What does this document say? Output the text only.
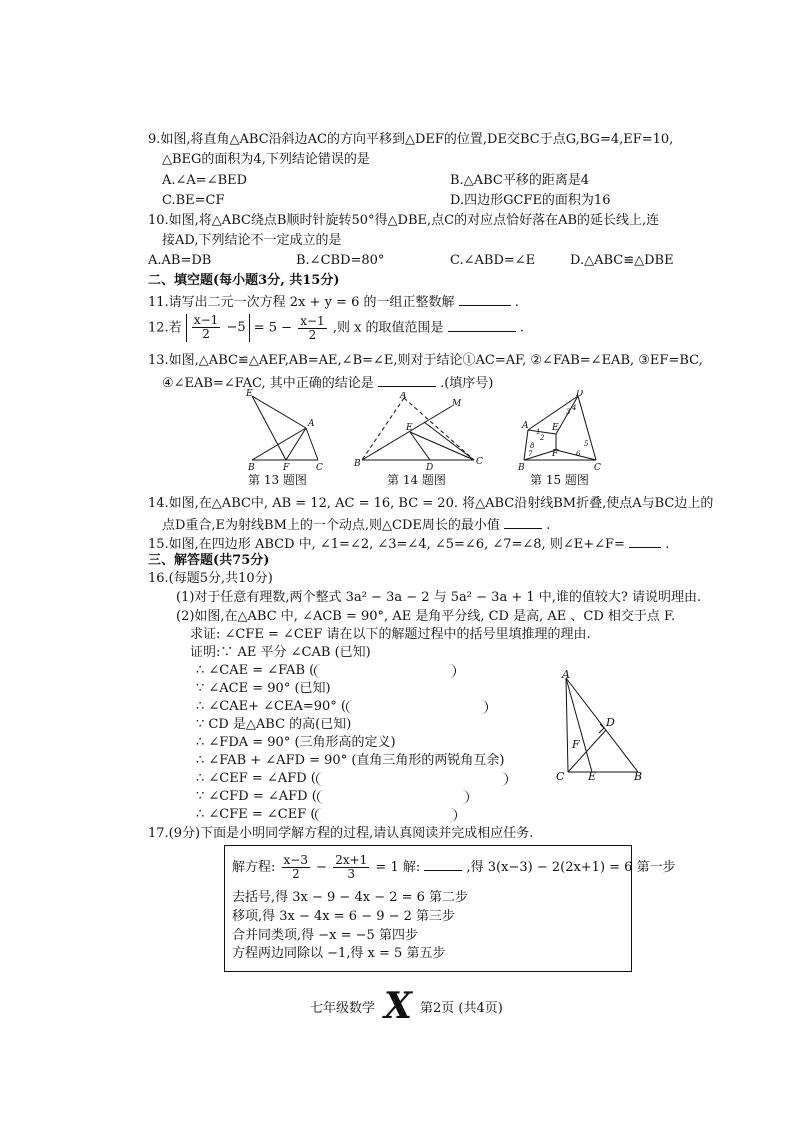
9.如图,将直角△ABC沿斜边AC的方向平移到△DEF的位置,DE交BC于点G,BG=4,EF=10,
△BEG的面积为4,下列结论错误的是
A.∠A=∠BED	B.△ABC平移的距离是4
C.BE=CF	D.四边形GCFE的面积为16
10.如图,将△ABC绕点B顺时针旋转50°得△DBE,点C的对应点恰好落在AB的延长线上,连
接AD,下列结论不一定成立的是
A.AB=DB	B.∠CBD=80°	C.∠ABD=∠E	D.△ABC≌△DBE
二、填空题(每小题3分, 共15分)
11.请写出二元一次方程 2x + y = 6 的一组正整数解	.
12.若 $\frac{x-1}{2} -5 = 5 - \frac{x-1}{2}$ ,则 x 的取值范围是	.
13.如图,△ABC≌△AEF,AB=AE,∠B=∠E,则对于结论①AC=AF, ②∠FAB=∠EAB, ③EF=BC,
④∠EAB=∠FAC, 其中正确的结论是	.(填序号)
E
A
B	F	C
第 13 题图
A
M
E
B	D
C
第 14 题图
D
A	E
F
B	C
1
2
3 4
5
6
7
8
第 15 题图
14.如图,在△ABC中, AB = 12, AC = 16, BC = 20. 将△ABC沿射线BM折叠,使点A与BC边上的
点D重合,E为射线BM上的一个动点,则△CDE周长的最小值	.
15.如图,在四边形 ABCD 中, ∠1=∠2, ∠3=∠4, ∠5=∠6, ∠7=∠8, 则∠E+∠F=	.
三、解答题(共75分)
16.(每题5分,共10分)
(1)对于任意有理数,两个整式 3a² − 3a − 2 与 5a² − 3a + 1 中,谁的值较大? 请说明理由.
(2)如图,在△ABC 中, ∠ACB = 90°, AE 是角平分线, CD 是高, AE 、CD 相交于点 F.
求证: ∠CFE = ∠CEF 请在以下的解题过程中的括号里填推理的理由.
证明:∵ AE 平分 ∠CAB (已知)
∴ ∠CAE = ∠FAB (
∵ ∠ACE = 90° (已知)
∴ ∠CAE+ ∠CEA=90° (
∵ CD 是△ABC 的高(已知)
∴ ∠FDA = 90° (三角形高的定义)
∴ ∠FAB + ∠AFD = 90° (直角三角形的两锐角互余)
∴ ∠CEF = ∠AFD (
∵ ∠CFD = ∠AFD (
∴ ∠CFE = ∠CEF (
A
D
F
C E	B
17.(9分)下面是小明同学解方程的过程,请认真阅读并完成相应任务.
解方程: $\frac{x-3}{2} - \frac{2x+1}{3} = 1$ 解:	,得 3(x−3) − 2(2x+1) = 6 第一步
去括号,得 3x − 9 − 4x − 2 = 6 第二步
移项,得 3x − 4x = 6 − 9 − 2 第三步
合并同类项,得 −x = −5 第四步
方程两边同除以 −1,得 x = 5 第五步
七年级数学 X 第2页 (共4页)
